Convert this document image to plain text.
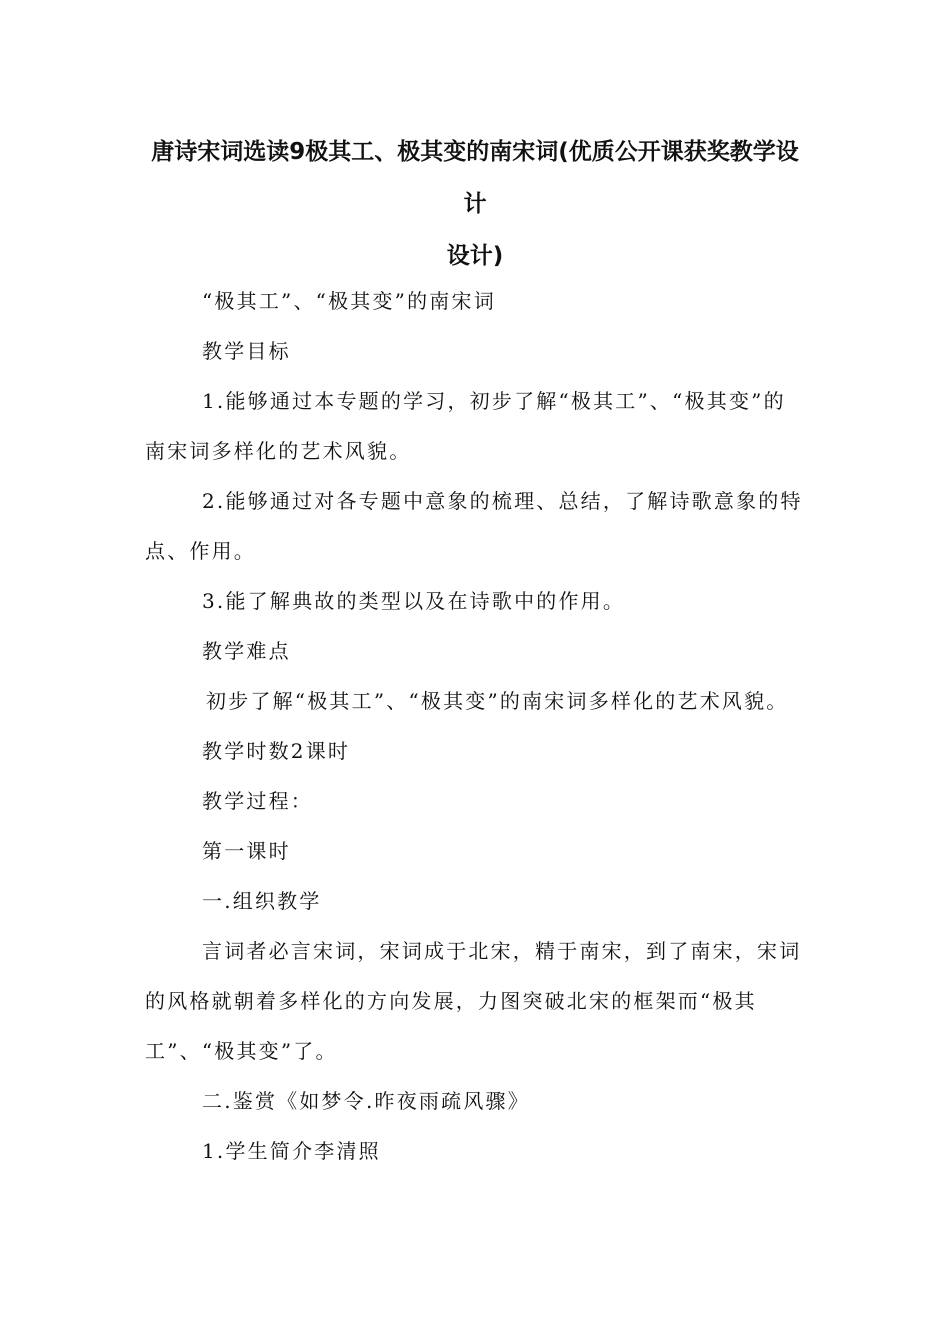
唐诗宋词选读9极其工、极其变的南宋词(优质公开课获奖教学设计
设计)

“极其工”、“极其变”的南宋词

教学目标

1.能够通过本专题的学习，初步了解“极其工”、“极其变”的南宋词多样化的艺术风貌。

2.能够通过对各专题中意象的梳理、总结，了解诗歌意象的特点、作用。

3.能了解典故的类型以及在诗歌中的作用。

教学难点

初步了解“极其工”、“极其变”的南宋词多样化的艺术风貌。

教学时数2课时

教学过程：

第一课时

一.组织教学

言词者必言宋词，宋词成于北宋，精于南宋，到了南宋，宋词的风格就朝着多样化的方向发展，力图突破北宋的框架而“极其工”、“极其变”了。

二.鉴赏《如梦令.昨夜雨疏风骤》

1.学生简介李清照
